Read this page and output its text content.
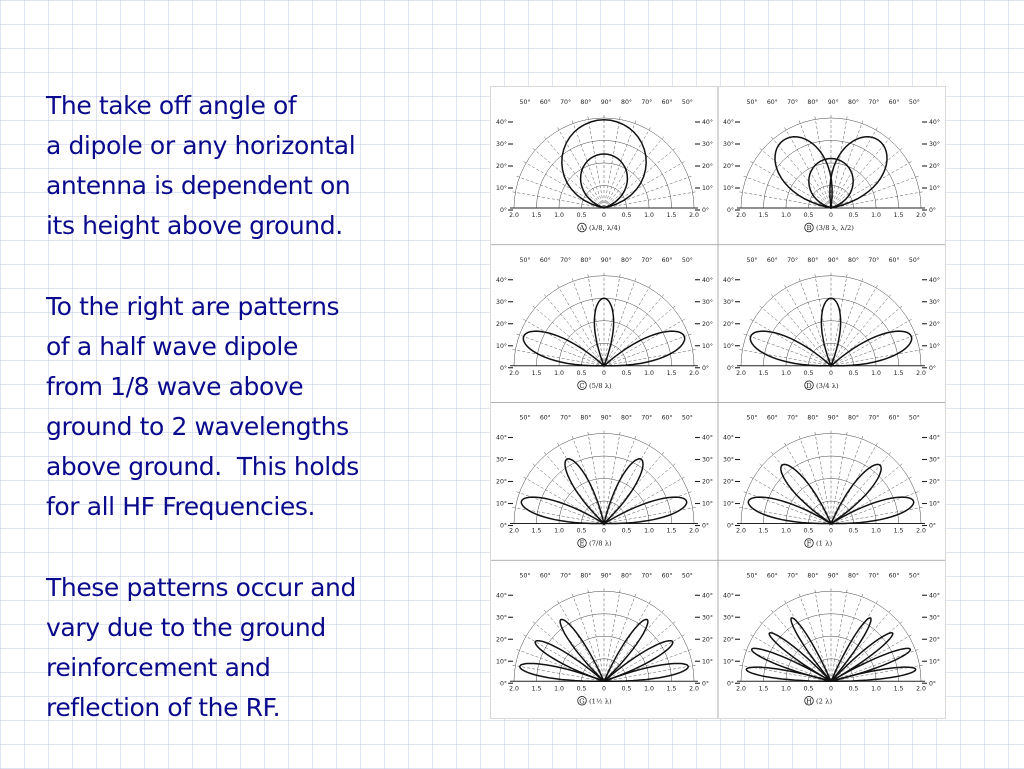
The take off angle of
a dipole or any horizontal
antenna is dependent on
its height above ground.

To the right are patterns
of a half wave dipole
from 1/8 wave above
ground to 2 wavelengths
above ground.  This holds
for all HF Frequencies.

These patterns occur and
vary due to the ground
reinforcement and
reflection of the RF.

50° 60° 70° 80° 90° 80° 70° 60° 50°
40°	40°
30°	30°
20°	20°
10°	10°
0°	0°
2.0 1.5 1.0 0.5	0	0.5 1.0 1.5 2.0
A (λ/8, λ/4)
50° 60° 70° 80° 90° 80° 70° 60° 50°
40°	40°
30°	30°
20°	20°
10°	10°
0°	0°
2.0 1.5 1.0 0.5	0	0.5 1.0 1.5 2.0
B (3/8 λ, λ/2)
50° 60° 70° 80° 90° 80° 70° 60° 50°
40°	40°
30°	30°
20°	20°
10°	10°
0°	0°
2.0 1.5 1.0 0.5	0	0.5 1.0 1.5 2.0
C (5/8 λ)
50° 60° 70° 80° 90° 80° 70° 60° 50°
40°	40°
30°	30°
20°	20°
10°	10°
0°	0°
2.0 1.5 1.0 0.5	0	0.5 1.0 1.5 2.0
D (3/4 λ)
50° 60° 70° 80° 90° 80° 70° 60° 50°
40°	40°
30°	30°
20°	20°
10°	10°
0°	0°
2.0 1.5 1.0 0.5	0	0.5 1.0 1.5 2.0
E (7/8 λ)
50° 60° 70° 80° 90° 80° 70° 60° 50°
40°	40°
30°	30°
20°	20°
10°	10°
0°	0°
2.0 1.5 1.0 0.5	0	0.5 1.0 1.5 2.0
F (1 λ)
50° 60° 70° 80° 90° 80° 70° 60° 50°
40°	40°
30°	30°
20°	20°
10°	10°
0°	0°
2.0 1.5 1.0 0.5	0	0.5 1.0 1.5 2.0
G (1½ λ)
50° 60° 70° 80° 90° 80° 70° 60° 50°
40°	40°
30°	30°
20°	20°
10°	10°
0°	0°
2.0 1.5 1.0 0.5	0	0.5 1.0 1.5 2.0
H (2 λ)
